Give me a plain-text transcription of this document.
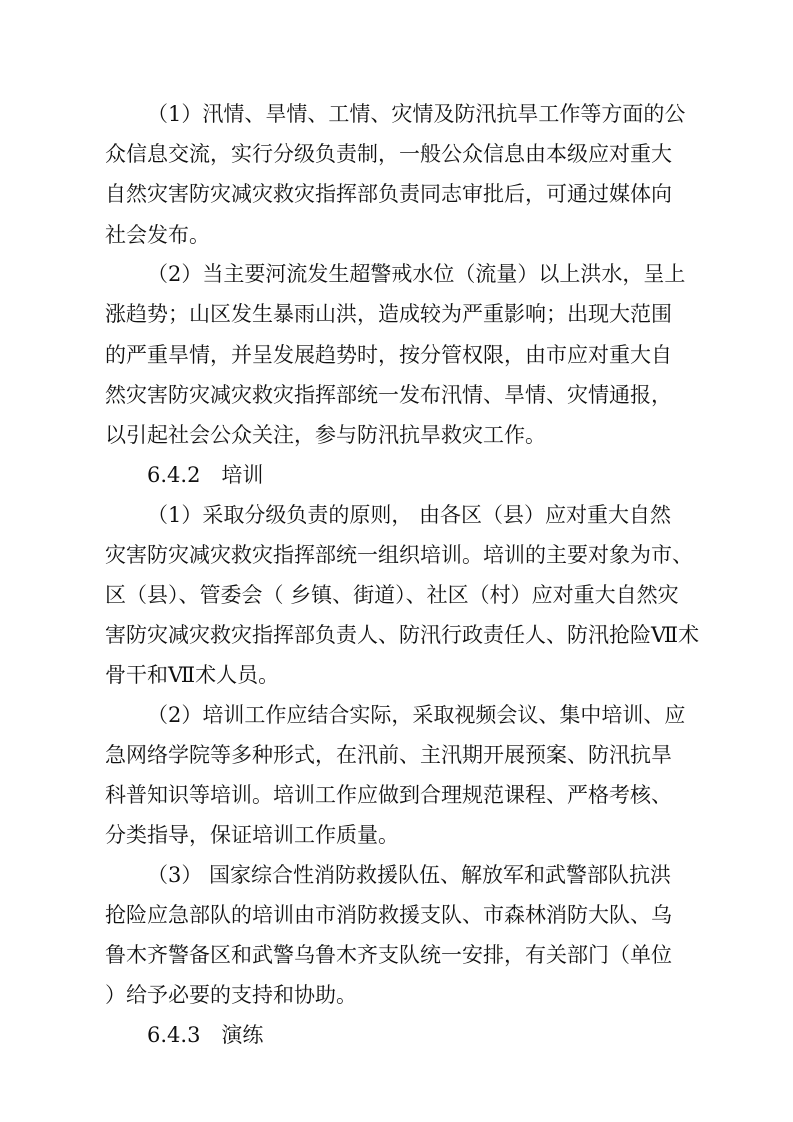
（1）汛情、旱情、工情、灾情及防汛抗旱工作等方面的公
众信息交流，实行分级负责制，一般公众信息由本级应对重大
自然灾害防灾减灾救灾指挥部负责同志审批后，可通过媒体向
社会发布。
（2）当主要河流发生超警戒水位（流量）以上洪水，呈上
涨趋势；山区发生暴雨山洪，造成较为严重影响；出现大范围
的严重旱情，并呈发展趋势时，按分管权限，由市应对重大自
然灾害防灾减灾救灾指挥部统一发布汛情、旱情、灾情通报，
以引起社会公众关注，参与防汛抗旱救灾工作。
6.4.2　培训
（1）采取分级负责的原则， 由各区（县）应对重大自然
灾害防灾减灾救灾指挥部统一组织培训。培训的主要对象为市、
区（县）、管委会（ 乡镇、街道）、社区（村）应对重大自然灾
害防灾减灾救灾指挥部负责人、防汛行政责任人、防汛抢险Ⅶ术
骨干和Ⅶ术人员。
（2）培训工作应结合实际，采取视频会议、集中培训、应
急网络学院等多种形式，在汛前、主汛期开展预案、防汛抗旱
科普知识等培训。培训工作应做到合理规范课程、严格考核、
分类指导，保证培训工作质量。
（3） 国家综合性消防救援队伍、解放军和武警部队抗洪
抢险应急部队的培训由市消防救援支队、市森林消防大队、乌
鲁木齐警备区和武警乌鲁木齐支队统一安排，有关部门（单位
）给予必要的支持和协助。
6.4.3　演练
